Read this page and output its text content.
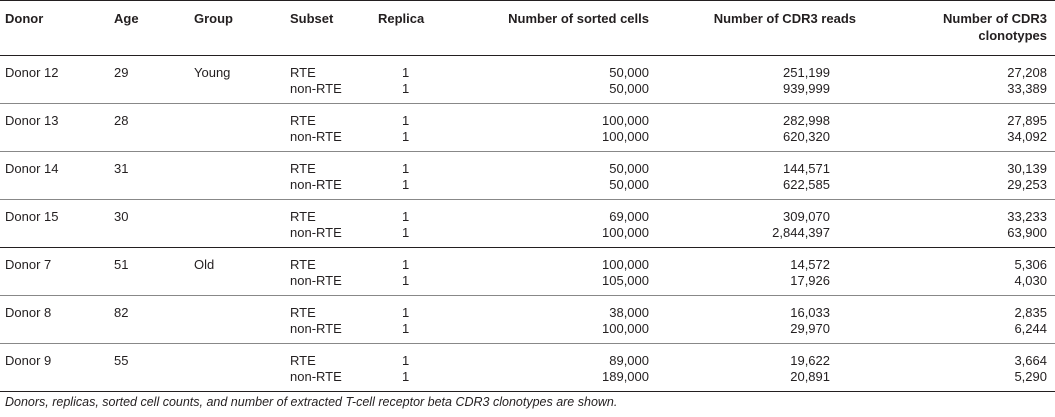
Donor	Age	Group	Subset	Replica	Number of sorted cells	Number of CDR3 reads	Number of CDR3
clonotypes
Donor 12	29	Young	RTE	1	50,000	251,199	27,208
			non-RTE	1	50,000	939,999	33,389
Donor 13	28		RTE	1	100,000	282,998	27,895
			non-RTE	1	100,000	620,320	34,092
Donor 14	31		RTE	1	50,000	144,571	30,139
			non-RTE	1	50,000	622,585	29,253
Donor 15	30		RTE	1	69,000	309,070	33,233
			non-RTE	1	100,000	2,844,397	63,900
Donor 7	51	Old	RTE	1	100,000	14,572	5,306
			non-RTE	1	105,000	17,926	4,030
Donor 8	82		RTE	1	38,000	16,033	2,835
			non-RTE	1	100,000	29,970	6,244
Donor 9	55		RTE	1	89,000	19,622	3,664
			non-RTE	1	189,000	20,891	5,290
Donors, replicas, sorted cell counts, and number of extracted T-cell receptor beta CDR3 clonotypes are shown.
